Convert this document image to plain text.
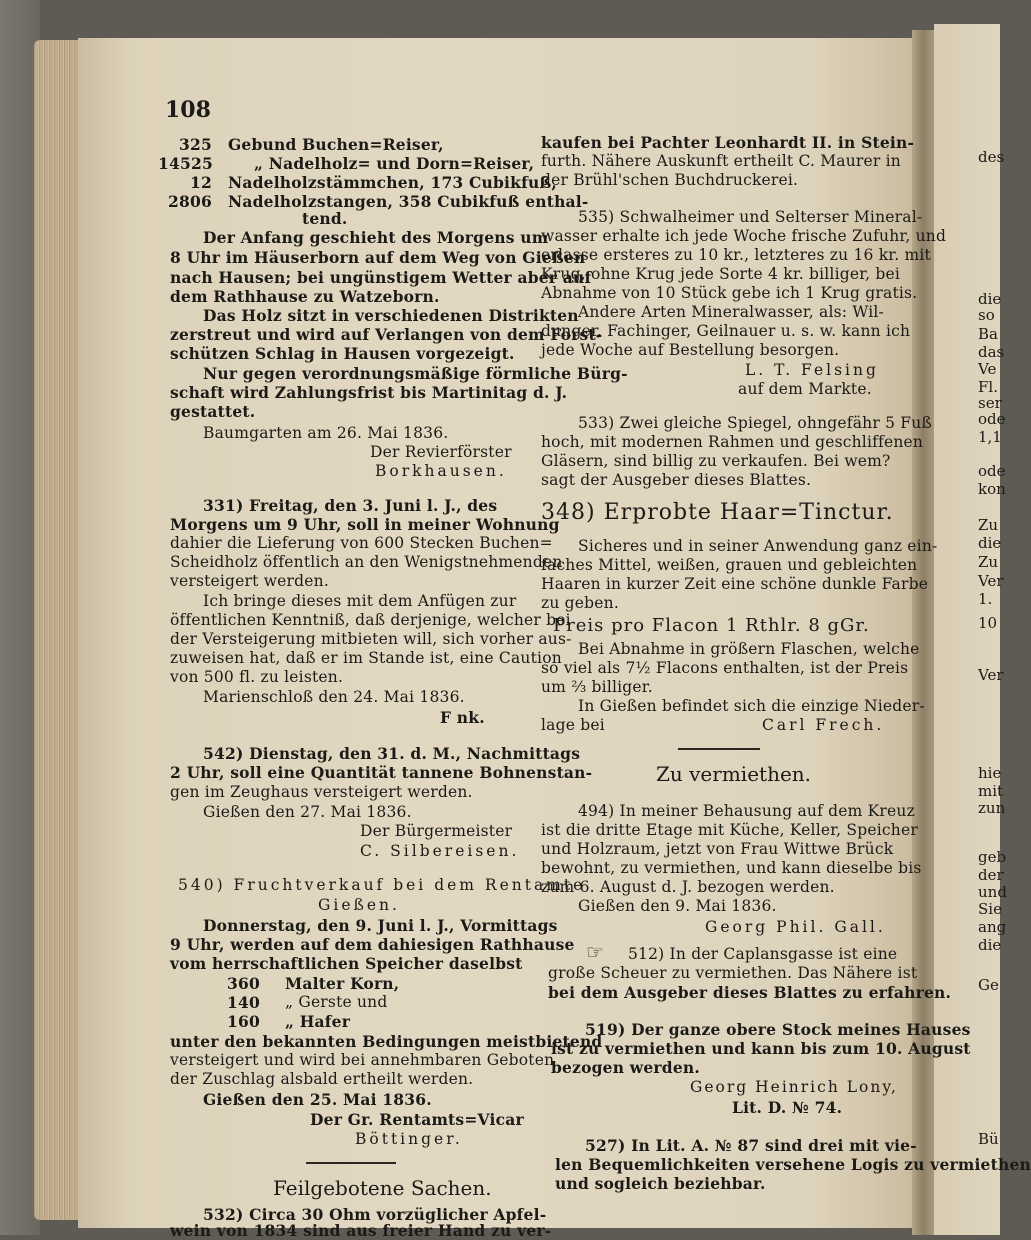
108
325 Gebund Buchen=Reiser,
14525	„ Nadelholz= und Dorn=Reiser,
12 Nadelholzstämmchen, 173 Cubikfuß,
2806 Nadelholzstangen, 358 Cubikfuß enthal-
tend.
Der Anfang geschieht des Morgens um
8 Uhr im Häuserborn auf dem Weg von Gießen
nach Hausen; bei ungünstigem Wetter aber auf
dem Rathhause zu Watzeborn.
Das Holz sitzt in verschiedenen Distrikten
zerstreut und wird auf Verlangen von dem Forst-
schützen Schlag in Hausen vorgezeigt.
Nur gegen verordnungsmäßige förmliche Bürg-
schaft wird Zahlungsfrist bis Martinitag d. J.
gestattet.
Baumgarten am 26. Mai 1836.
Der Revierförster
Borkhausen.
331) Freitag, den 3. Juni l. J., des
Morgens um 9 Uhr, soll in meiner Wohnung
dahier die Lieferung von 600 Stecken Buchen=
Scheidholz öffentlich an den Wenigstnehmenden
versteigert werden.
Ich bringe dieses mit dem Anfügen zur
öffentlichen Kenntniß, daß derjenige, welcher bei
der Versteigerung mitbieten will, sich vorher aus-
zuweisen hat, daß er im Stande ist, eine Caution
von 500 fl. zu leisten.
Marienschloß den 24. Mai 1836.
F nk.
542) Dienstag, den 31. d. M., Nachmittags
2 Uhr, soll eine Quantität tannene Bohnenstan-
gen im Zeughaus versteigert werden.
Gießen den 27. Mai 1836.
Der Bürgermeister
C. Silbereisen.
540) Fruchtverkauf bei dem Rentamte
Gießen.
Donnerstag, den 9. Juni l. J., Vormittags
9 Uhr, werden auf dem dahiesigen Rathhause
vom herrschaftlichen Speicher daselbst
360 Malter Korn,
140 „ Gerste und
160 „ Hafer
unter den bekannten Bedingungen meistbietend
versteigert und wird bei annehmbaren Geboten
der Zuschlag alsbald ertheilt werden.
Gießen den 25. Mai 1836.
Der Gr. Rentamts=Vicar
Böttinger.
Feilgebotene Sachen.
532) Circa 30 Ohm vorzüglicher Apfel-
wein von 1834 sind aus freier Hand zu ver-
kaufen bei Pachter Leonhardt II. in Stein-
furth. Nähere Auskunft ertheilt C. Maurer in
der Brühl'schen Buchdruckerei.
535) Schwalheimer und Selterser Mineral-
wasser erhalte ich jede Woche frische Zufuhr, und
erlasse ersteres zu 10 kr., letzteres zu 16 kr. mit
Krug, ohne Krug jede Sorte 4 kr. billiger, bei
Abnahme von 10 Stück gebe ich 1 Krug gratis.
Andere Arten Mineralwasser, als: Wil-
dunger, Fachinger, Geilnauer u. s. w. kann ich
jede Woche auf Bestellung besorgen.
L. T. Felsing
auf dem Markte.
533) Zwei gleiche Spiegel, ohngefähr 5 Fuß
hoch, mit modernen Rahmen und geschliffenen
Gläsern, sind billig zu verkaufen. Bei wem?
sagt der Ausgeber dieses Blattes.
348) Erprobte Haar=Tinctur.
Sicheres und in seiner Anwendung ganz ein-
faches Mittel, weißen, grauen und gebleichten
Haaren in kurzer Zeit eine schöne dunkle Farbe
zu geben.
Preis pro Flacon 1 Rthlr. 8 gGr.
Bei Abnahme in größern Flaschen, welche
so viel als 7½ Flacons enthalten, ist der Preis
um ⅔ billiger.
In Gießen befindet sich die einzige Nieder-
lage bei	Carl Frech.
Zu vermiethen.
494) In meiner Behausung auf dem Kreuz
ist die dritte Etage mit Küche, Keller, Speicher
und Holzraum, jetzt von Frau Wittwe Brück
bewohnt, zu vermiethen, und kann dieselbe bis
zum 6. August d. J. bezogen werden.
Gießen den 9. Mai 1836.
Georg Phil. Gall.
☞ 512) In der Caplansgasse ist eine
große Scheuer zu vermiethen. Das Nähere ist
bei dem Ausgeber dieses Blattes zu erfahren.
519) Der ganze obere Stock meines Hauses
ist zu vermiethen und kann bis zum 10. August
bezogen werden.
Georg Heinrich Lony,
Lit. D. № 74.
527) In Lit. A. № 87 sind drei mit vie-
len Bequemlichkeiten versehene Logis zu vermiethen
und sogleich beziehbar.
des
die
so
Ba
das
Ve
Fl.
ser
ode
1,1
ode
kon
Zu
die
Zu
Ver
1.
10
Ver
hie
mit
zun
geb
der
und
Sie
ang
die
Ge
Bü
